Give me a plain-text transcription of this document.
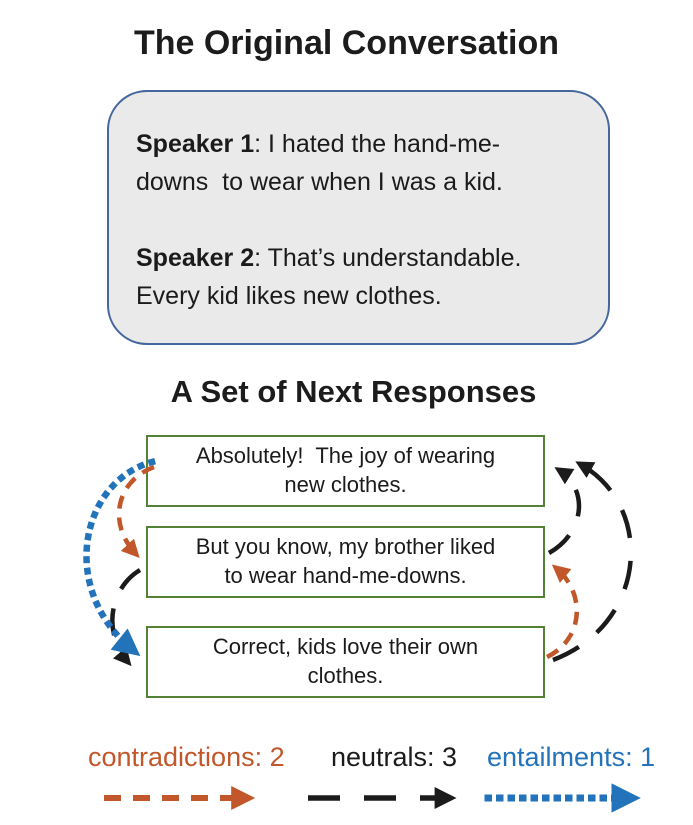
The Original Conversation

Speaker 1: I hated the hand-me-
downs  to wear when I was a kid.

Speaker 2: That’s understandable.
Every kid likes new clothes.

A Set of Next Responses
Absolutely!  The joy of wearing
new clothes.
But you know, my brother liked
to wear hand-me-downs.
Correct, kids love their own
clothes.
contradictions: 2 neutrals: 3 entailments: 1
